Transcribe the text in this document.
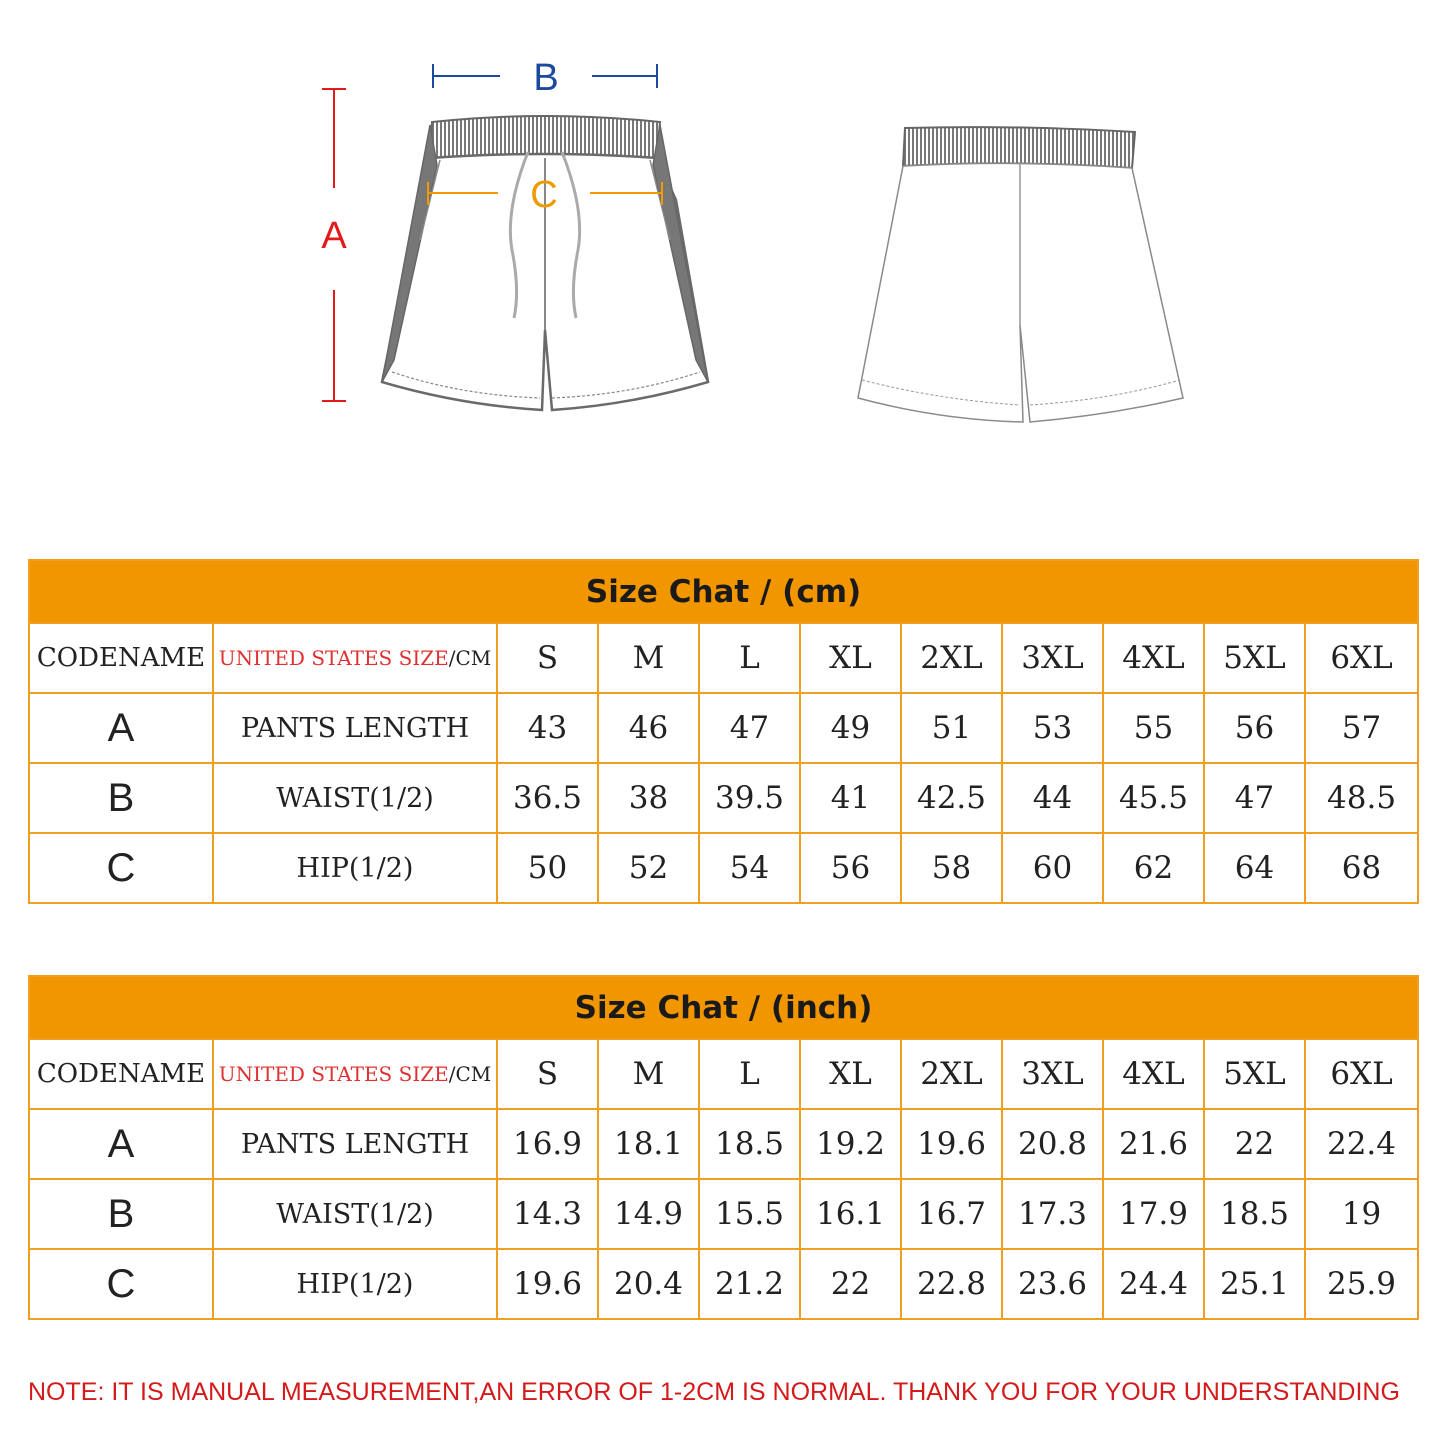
A
B
C
Size Chat / (cm)										
CODENAME	UNITED STATES SIZE/CM	S	M	L	XL	2XL	3XL	4XL	5XL	6XL
A	PANTS LENGTH	43	46	47	49	51	53	55	56	57
B	WAIST(1/2)	36.5	38	39.5	41	42.5	44	45.5	47	48.5
C	HIP(1/2)	50	52	54	56	58	60	62	64	68
Size Chat / (inch)										
CODENAME	UNITED STATES SIZE/CM	S	M	L	XL	2XL	3XL	4XL	5XL	6XL
A	PANTS LENGTH	16.9	18.1	18.5	19.2	19.6	20.8	21.6	22	22.4
B	WAIST(1/2)	14.3	14.9	15.5	16.1	16.7	17.3	17.9	18.5	19
C	HIP(1/2)	19.6	20.4	21.2	22	22.8	23.6	24.4	25.1	25.9
NOTE: IT IS MANUAL MEASUREMENT,AN ERROR OF 1-2CM IS NORMAL. THANK YOU FOR YOUR UNDERSTANDING
